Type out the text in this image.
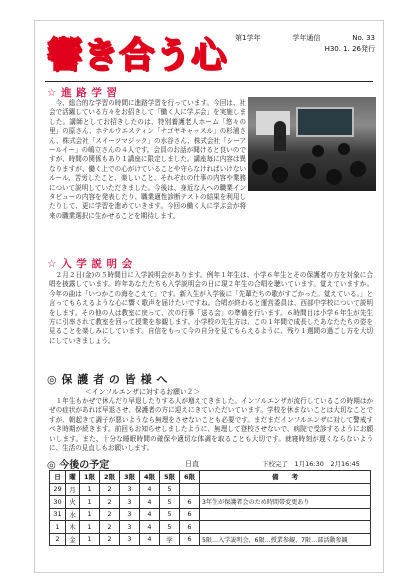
響き合う心	第1学年	学年通信	No. 33
H30. 1. 26発行
☆ 進 路 学 習
　今、総合的な学習の時間に進路学習を行っています。今回は、社会で活躍している方々をお招きして「働く人に学ぶ会」を実施しました。講師としてお招きしたのは、特別養護老人ホーム「悠々の里」の原さん、ホテルウエスティン「ナゴヤキャッスル」の杉浦さん、株式会社「スイーツマジック」の水谷さん、株式会社「シーアールイー」の嶋立さんの４人です。会員のお話が聞けると良いのですが、時間の関係もあり１講座に限定しました。講座毎に内容は異なりますが、働く上での心がけていることや守らなければいけないルール、苦労したこと、楽しいこと、それぞれの仕事の内容や業務について説明していただきました。今後は、身近な人への職業インタビューの内容を発表したり、職業適性診断テストの結果を利用したりして、更に学習を進めていきます。今回の働く人に学ぶ会が将来の職業選択に生かせることを期待します。
☆ 入 学 説 明 会
　２月２日(金)の５時間目に入学説明会があります。例年１年生は、小学６年生とその保護者の方を対象に合唱を披露しています。昨年あなたたちも入学説明会の日に現２年生の合唱を聴いています。覚えていますか。今年の曲は「いつかこの海をこえて」です。新入生が入学後に「先輩たちの歌がすごかった。覚えている。」と言ってもらえるような心に響く歌声を届けたいですね。合唱が終わると運営委員は、西部中学校について説明をします。その他の人は教室に戻って、次の行事「送る会」の準備を行います。６時間目は小学６年生が先生方に引率されて教室を回って授業を参観します。小学校の先生方は、この１年間で成長したあなたたちの姿を見ることを楽しみにしています。自信をもって今の自分を見てもらえるように、残り１週間の過ごし方を大切にしていきましょう。
◎ 保 護 者 の 皆 様 へ
＜インフルエンザに対するお願い２＞
　１年生もかぜで休んだり早退したりする人が増えてきました。インフルエンザが流行しているこの時期はかぜの症状があれば早退させ、保護者の方に迎えにきていただいています。学校を休まないことは大切なことですが、朝起きて調子が悪いようなら無理をさせないことも必要です。まだまだインフルエンザに対して警戒すべき時期が続きます。前回もお知らせしましたように、無理して登校させないで、病院で受診するようにお願いします。また、十分な睡眠時間の確保や適切な体調を取ることも大切です。就寝時刻が遅くならないように、生活の見直しもお願いします。
◎ 今後の予定	日直	下校完了　1月16:30　2月16:45
日	曜	1限	2限	3限	4限	5限	6限	備　　考
29	月	1	2	3	4	5		
30	火	1	2	3	4	5	6	3年生が保護者会のため時間帯変更あり
31	水	1	2	3	4	5	6	
1	木	1	2	3	4	5	6	
2	金	1	2	3	4	学	6	5限…入学説明会、6限…授業参観、7限…部活動参観
